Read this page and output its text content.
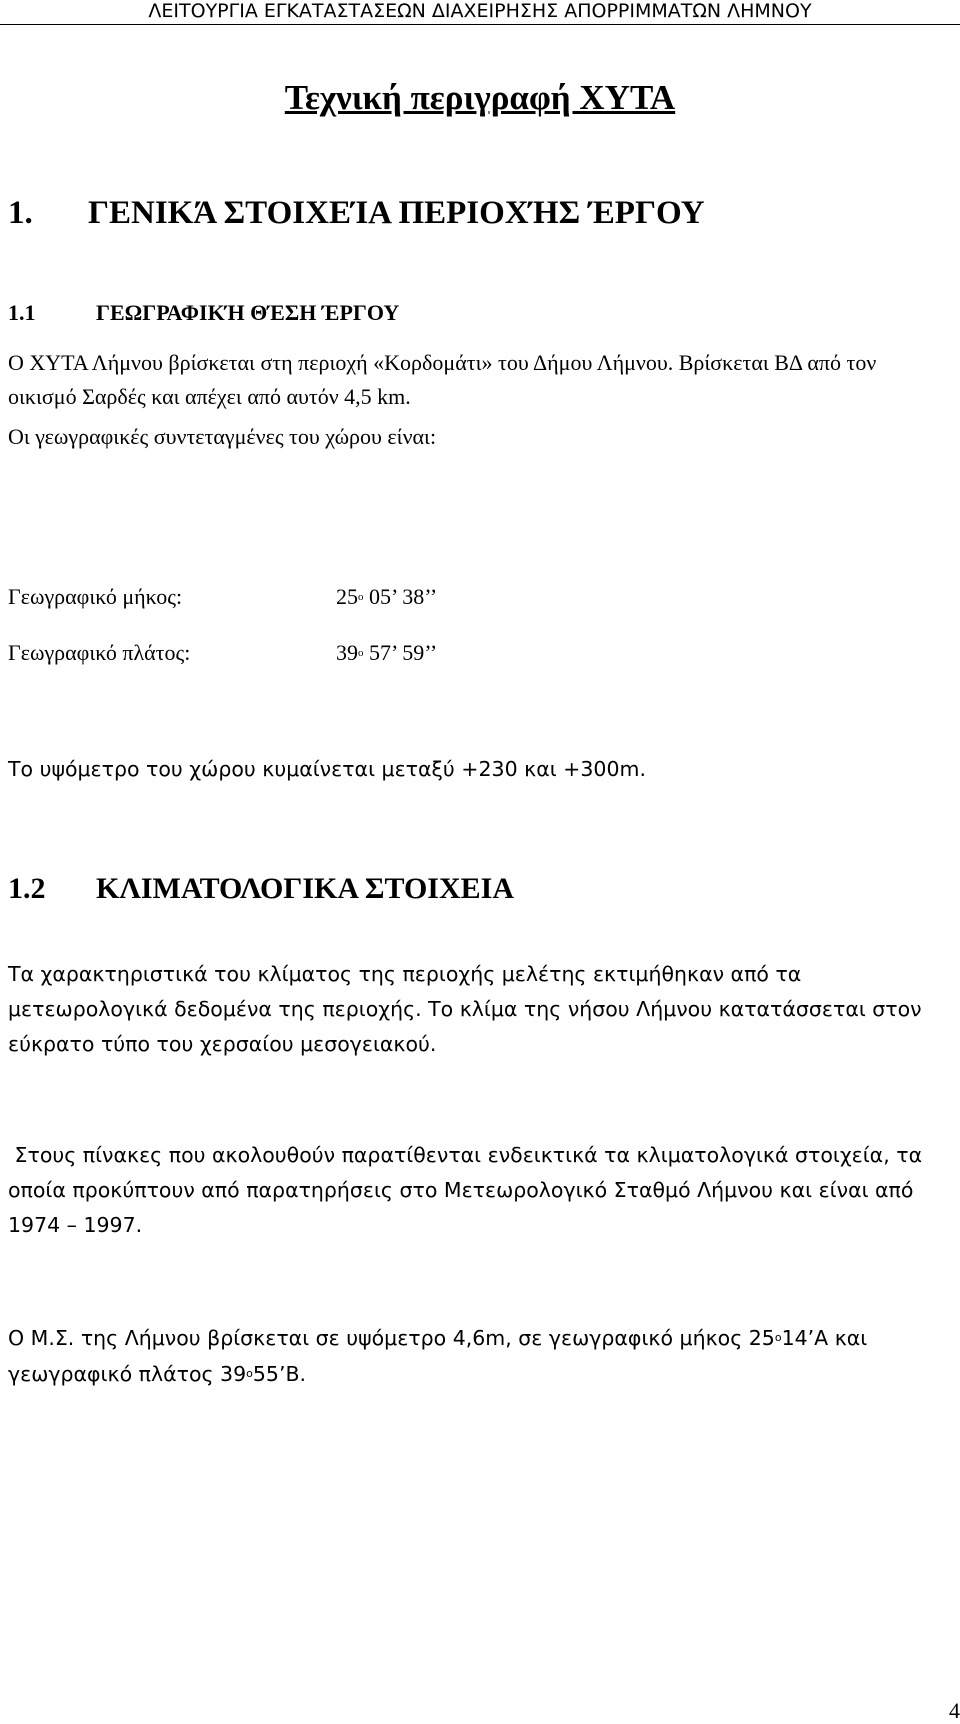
ΛΕΙΤΟΥΡΓΙΑ ΕΓΚΑΤΑΣΤΑΣΕΩΝ ΔΙΑΧΕΙΡΗΣΗΣ ΑΠΟΡΡΙΜΜΑΤΩΝ ΛΗΜΝΟΥ
Τεχνική περιγραφή ΧΥΤΑ
1. ΓΕΝΙΚΆ ΣΤΟΙΧΕΊΑ ΠΕΡΙΟΧΉΣ ΈΡΓΟΥ
1.1	ΓΕΩΓΡΑΦΙΚΉ ΘΈΣΗ ΈΡΓΟΥ
Ο ΧΥΤΑ Λήμνου βρίσκεται στη περιοχή «Κορδομάτι» του Δήμου Λήμνου. Βρίσκεται ΒΔ από τον οικισμό Σαρδές και απέχει από αυτόν 4,5 km.
Οι γεωγραφικές συντεταγμένες του χώρου είναι:
Γεωγραφικό μήκος:	$25^o$ 05’ 38’’
Γεωγραφικό πλάτος:	$39^o$ 57’ 59’’
Το υψόμετρο του χώρου κυμαίνεται μεταξύ +230 και +300m.
1.2 ΚΛΙΜΑΤΟΛΟΓΙΚΑ ΣΤΟΙΧΕΙΑ
Τα χαρακτηριστικά του κλίματος της περιοχής μελέτης εκτιμήθηκαν από τα μετεωρολογικά δεδομένα της περιοχής. Το κλίμα της νήσου Λήμνου κατατάσσεται στον εύκρατο τύπο του χερσαίου μεσογειακού.
Στους πίνακες που ακολουθούν παρατίθενται ενδεικτικά τα κλιματολογικά στοιχεία, τα οποία προκύπτουν από παρατηρήσεις στο Μετεωρολογικό Σταθμό Λήμνου και είναι από 1974 – 1997.
Ο Μ.Σ. της Λήμνου βρίσκεται σε υψόμετρο 4,6m, σε γεωγραφικό μήκος $25^o14’A$ και γεωγραφικό πλάτος $39^o55’B$.
4
